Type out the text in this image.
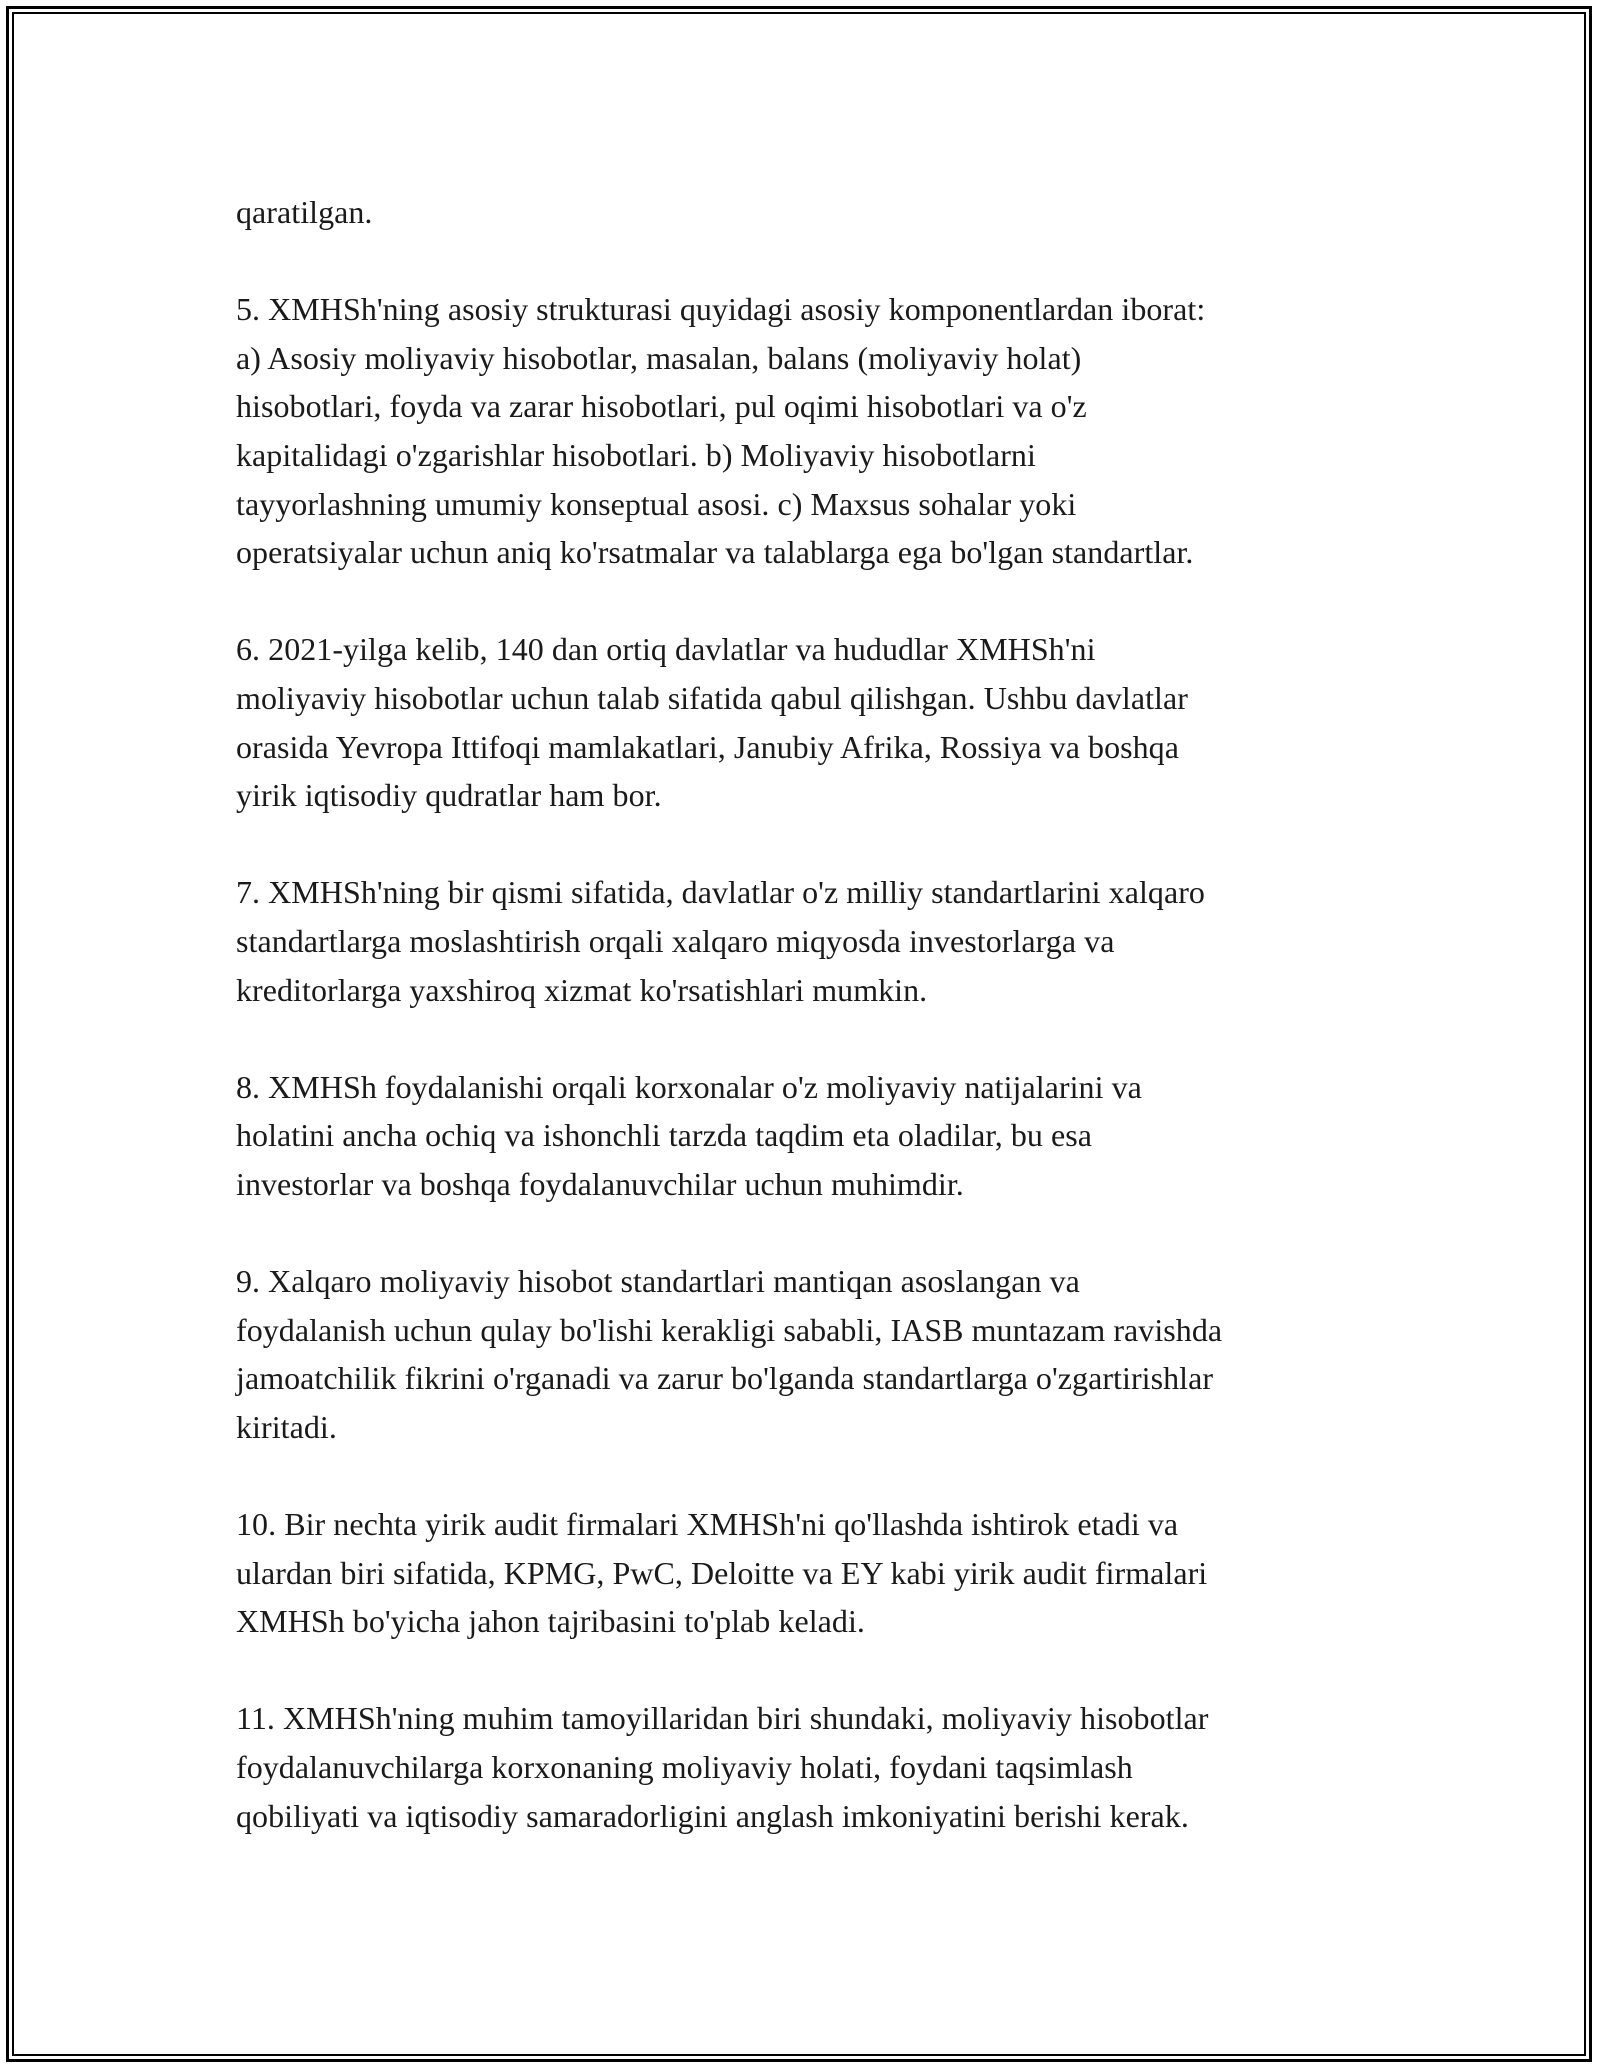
qaratilgan.

5. XMHSh'ning asosiy strukturasi quyidagi asosiy komponentlardan iborat:
a) Asosiy moliyaviy hisobotlar, masalan, balans (moliyaviy holat)
hisobotlari, foyda va zarar hisobotlari, pul oqimi hisobotlari va o'z
kapitalidagi o'zgarishlar hisobotlari. b) Moliyaviy hisobotlarni
tayyorlashning umumiy konseptual asosi. c) Maxsus sohalar yoki
operatsiyalar uchun aniq ko'rsatmalar va talablarga ega bo'lgan standartlar.

6. 2021-yilga kelib, 140 dan ortiq davlatlar va hududlar XMHSh'ni
moliyaviy hisobotlar uchun talab sifatida qabul qilishgan. Ushbu davlatlar
orasida Yevropa Ittifoqi mamlakatlari, Janubiy Afrika, Rossiya va boshqa
yirik iqtisodiy qudratlar ham bor.

7. XMHSh'ning bir qismi sifatida, davlatlar o'z milliy standartlarini xalqaro
standartlarga moslashtirish orqali xalqaro miqyosda investorlarga va
kreditorlarga yaxshiroq xizmat ko'rsatishlari mumkin.

8. XMHSh foydalanishi orqali korxonalar o'z moliyaviy natijalarini va
holatini ancha ochiq va ishonchli tarzda taqdim eta oladilar, bu esa
investorlar va boshqa foydalanuvchilar uchun muhimdir.

9. Xalqaro moliyaviy hisobot standartlari mantiqan asoslangan va
foydalanish uchun qulay bo'lishi kerakligi sababli, IASB muntazam ravishda
jamoatchilik fikrini o'rganadi va zarur bo'lganda standartlarga o'zgartirishlar
kiritadi.

10. Bir nechta yirik audit firmalari XMHSh'ni qo'llashda ishtirok etadi va
ulardan biri sifatida, KPMG, PwC, Deloitte va EY kabi yirik audit firmalari
XMHSh bo'yicha jahon tajribasini to'plab keladi.

11. XMHSh'ning muhim tamoyillaridan biri shundaki, moliyaviy hisobotlar
foydalanuvchilarga korxonaning moliyaviy holati, foydani taqsimlash
qobiliyati va iqtisodiy samaradorligini anglash imkoniyatini berishi kerak.
